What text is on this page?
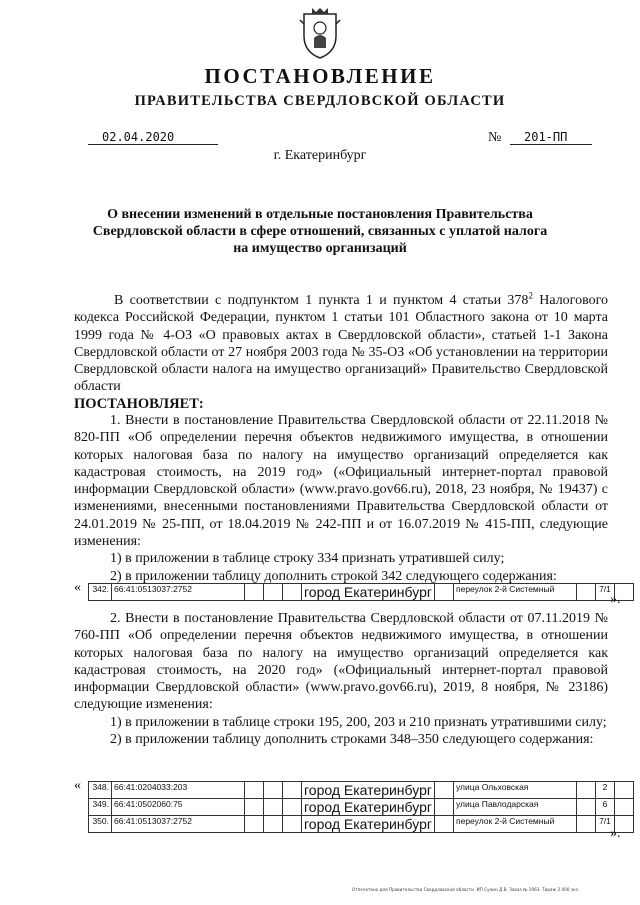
ПОСТАНОВЛЕНИЕ
ПРАВИТЕЛЬСТВА СВЕРДЛОВСКОЙ ОБЛАСТИ
02.04.2020	№	201-ПП
г. Екатеринбург
О внесении изменений в отдельные постановления Правительства Свердловской области в сфере отношений, связанных с уплатой налога на имущество организаций

В соответствии с подпунктом 1 пункта 1 и пунктом 4 статьи $378^2$ Налогового кодекса Российской Федерации, пунктом 1 статьи 101 Областного закона от 10 марта 1999 года № 4-ОЗ «О правовых актах в Свердловской области», статьей 1-1 Закона Свердловской области от 27 ноября 2003 года № 35-ОЗ «Об установлении на территории Свердловской области налога на имущество организаций» Правительство Свердловской области

ПОСТАНОВЛЯЕТ:

1. Внести в постановление Правительства Свердловской области от 22.11.2018 № 820-ПП «Об определении перечня объектов недвижимого имущества, в отношении которых налоговая база по налогу на имущество организаций определяется как кадастровая стоимость, на 2019 год» («Официальный интернет-портал правовой информации Свердловской области» (www.pravo.gov66.ru), 2018, 23 ноября, № 19437) с изменениями, внесенными постановлениями Правительства Свердловской области от 24.01.2019 № 25-ПП, от 18.04.2019 № 242-ПП и от 16.07.2019 № 415-ПП, следующие изменения:

1) в приложении в таблице строку 334 признать утратившей силу;

2) в приложении таблицу дополнить строкой 342 следующего содержания:

« 342.	66:41:0513037:2752				город Екатеринбург		переулок 2-й Системный		7/1	
».

2. Внести в постановление Правительства Свердловской области от 07.11.2019 № 760-ПП «Об определении перечня объектов недвижимого имущества, в отношении которых налоговая база по налогу на имущество организаций определяется как кадастровая стоимость, на 2020 год» («Официальный интернет-портал правовой информации Свердловской области» (www.pravo.gov66.ru), 2019, 8 ноября, № 23186) следующие изменения:

1) в приложении в таблице строки 195, 200, 203 и 210 признать утратившими силу;

2) в приложении таблицу дополнить строками 348–350 следующего содержания:

« 348.	66:41:0204033:203				город Екатеринбург		улица Ольховская		2	
349.	66:41:0502060:75				город Екатеринбург		улица Павлодарская		6	
350.	66:41:0513037:2752				город Екатеринбург		переулок 2-й Системный		7/1	
».
Отпечатано для Правительства Свердловской области. ИП Сунин Д.В. Заказ № 1963. Тираж 2 000 экз.
